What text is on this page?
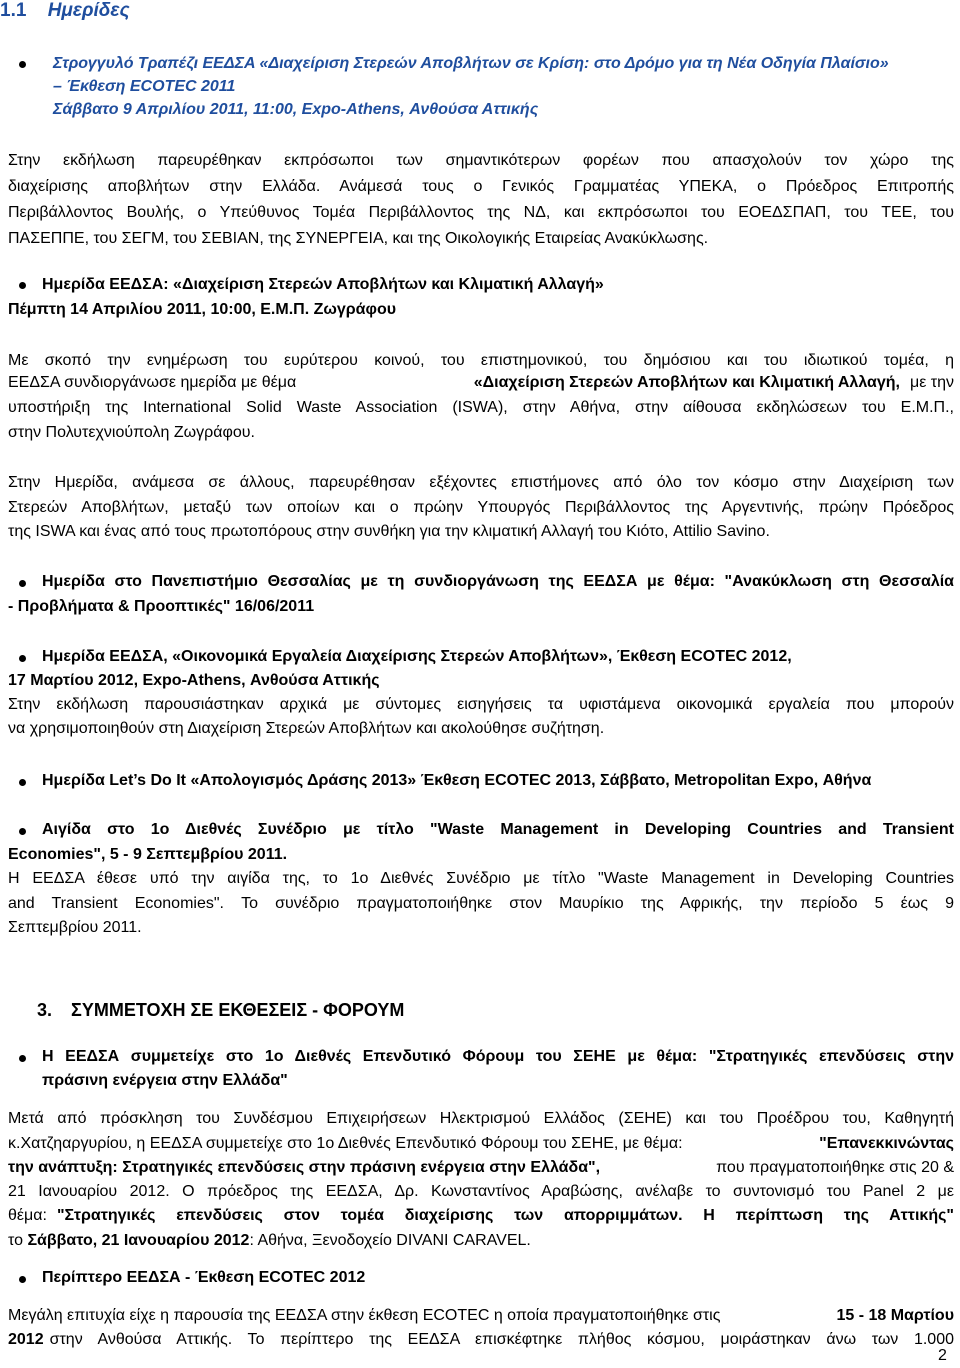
1.1 Ημερίδες
Στρογγυλό Τραπέζι ΕΕΔΣΑ «Διαχείριση Στερεών Αποβλήτων σε Κρίση: στο Δρόμο για τη Νέα Οδηγία Πλαίσιο»
– Έκθεση ECOTEC 2011
Σάββατο 9 Απριλίου 2011, 11:00, Expo-Athens, Ανθούσα Αττικής
Στην εκδήλωση παρευρέθηκαν εκπρόσωποι των σημαντικότερων φορέων που απασχολούν τον χώρο της
διαχείρισης αποβλήτων στην Ελλάδα. Ανάμεσά τους ο Γενικός Γραμματέας ΥΠΕΚΑ, ο Πρόεδρος Επιτροπής
Περιβάλλοντος Βουλής, ο Υπεύθυνος Τομέα Περιβάλλοντος της ΝΔ, και εκπρόσωποι του ΕΟΕΔΣΠΑΠ, του ΤΕΕ, του
ΠΑΣΕΠΠΕ, του ΣΕΓΜ, του ΣΕΒΙΑΝ, της ΣΥΝΕΡΓΕΙΑ, και της Οικολογικής Εταιρείας Ανακύκλωσης.
Ημερίδα ΕΕΔΣΑ: «Διαχείριση Στερεών Αποβλήτων και Κλιματική Αλλαγή»
Πέμπτη 14 Απριλίου 2011, 10:00, Ε.Μ.Π. Ζωγράφου
Με σκοπό την ενημέρωση του ευρύτερου κοινού, του επιστημονικού, του δημόσιου και του ιδιωτικού τομέα, η
ΕΕΔΣΑ συνδιοργάνωσε ημερίδα με θέμα	«Διαχείριση Στερεών Αποβλήτων και Κλιματική Αλλαγή, με την
υποστήριξη της International Solid Waste Association (ISWA), στην Αθήνα, στην αίθουσα εκδηλώσεων του Ε.Μ.Π.,
στην Πολυτεχνιούπολη Ζωγράφου.
Στην Ημερίδα, ανάμεσα σε άλλους, παρευρέθησαν εξέχοντες επιστήμονες από όλο τον κόσμο στην Διαχείριση των
Στερεών Αποβλήτων, μεταξύ των οποίων και ο πρώην Υπουργός Περιβάλλοντος της Αργεντινής, πρώην Πρόεδρος
της ISWA και ένας από τους πρωτοπόρους στην συνθήκη για την κλιματική Αλλαγή του Κιότο, Attilio Savino.
Ημερίδα στο Πανεπιστήμιο Θεσσαλίας με τη συνδιοργάνωση της ΕΕΔΣΑ με θέμα: "Ανακύκλωση στη Θεσσαλία
- Προβλήματα & Προοπτικές" 16/06/2011
Ημερίδα ΕΕΔΣΑ, «Οικονομικά Εργαλεία Διαχείρισης Στερεών Αποβλήτων», Έκθεση ECOTEC 2012,
17 Μαρτίου 2012, Expo-Athens, Ανθούσα Αττικής
Στην εκδήλωση παρουσιάστηκαν αρχικά με σύντομες εισηγήσεις τα υφιστάμενα οικονομικά εργαλεία που μπορούν
να χρησιμοποιηθούν στη Διαχείριση Στερεών Αποβλήτων και ακολούθησε συζήτηση.
Ημερίδα Let’s Do It «Απολογισμός Δράσης 2013» Έκθεση ECOTEC 2013, Σάββατο, Metropolitan Expo, Αθήνα
Αιγίδα στο 1ο Διεθνές Συνέδριο με τίτλο "Waste Management in Developing Countries and Transient
Economies", 5 - 9 Σεπτεμβρίου 2011.
Η ΕΕΔΣΑ έθεσε υπό την αιγίδα της, το 1ο Διεθνές Συνέδριο με τίτλο "Waste Management in Developing Countries
and Transient Economies". Το συνέδριο πραγματοποιήθηκε στον Μαυρίκιο της Αφρικής, την περίοδο 5 έως 9
Σεπτεμβρίου 2011.
3. ΣΥΜΜΕΤΟΧΗ ΣΕ ΕΚΘΕΣΕΙΣ - ΦΟΡΟΥΜ
Η ΕΕΔΣΑ συμμετείχε στο 1ο Διεθνές Επενδυτικό Φόρουμ του ΣΕΗΕ με θέμα: "Στρατηγικές επενδύσεις στην
πράσινη ενέργεια στην Ελλάδα"
Μετά από πρόσκληση του Συνδέσμου Επιχειρήσεων Ηλεκτρισμού Ελλάδος (ΣΕΗΕ) και του Προέδρου του, Καθηγητή
κ.Χατζηαργυρίου, η ΕΕΔΣΑ συμμετείχε στο 1ο Διεθνές Επενδυτικό Φόρουμ του ΣΕΗΕ, με θέμα:	"Επανεκκινώντας
την ανάπτυξη: Στρατηγικές επενδύσεις στην πράσινη ενέργεια στην Ελλάδα",	που πραγματοποιήθηκε στις 20 &
21 Ιανουαρίου 2012. Ο πρόεδρος της ΕΕΔΣΑ, Δρ. Κωνσταντίνος Αραβώσης, ανέλαβε το συντονισμό του Panel 2 με
θέμα: "Στρατηγικές επενδύσεις στον τομέα διαχείρισης των απορριμμάτων. Η περίπτωση της Αττικής"
το Σάββατο, 21 Ιανουαρίου 2012: Αθήνα, Ξενοδοχείο DIVANI CARAVEL.
Περίπτερο ΕΕΔΣΑ - Έκθεση ECOTEC 2012
Μεγάλη επιτυχία είχε η παρουσία της ΕΕΔΣΑ στην έκθεση ECOTEC η οποία πραγματοποιήθηκε στις	15 - 18 Μαρτίου
2012 στην Ανθούσα Αττικής. Το περίπτερο της ΕΕΔΣΑ επισκέφτηκε πλήθος κόσμου, μοιράστηκαν άνω των 1.000
2
